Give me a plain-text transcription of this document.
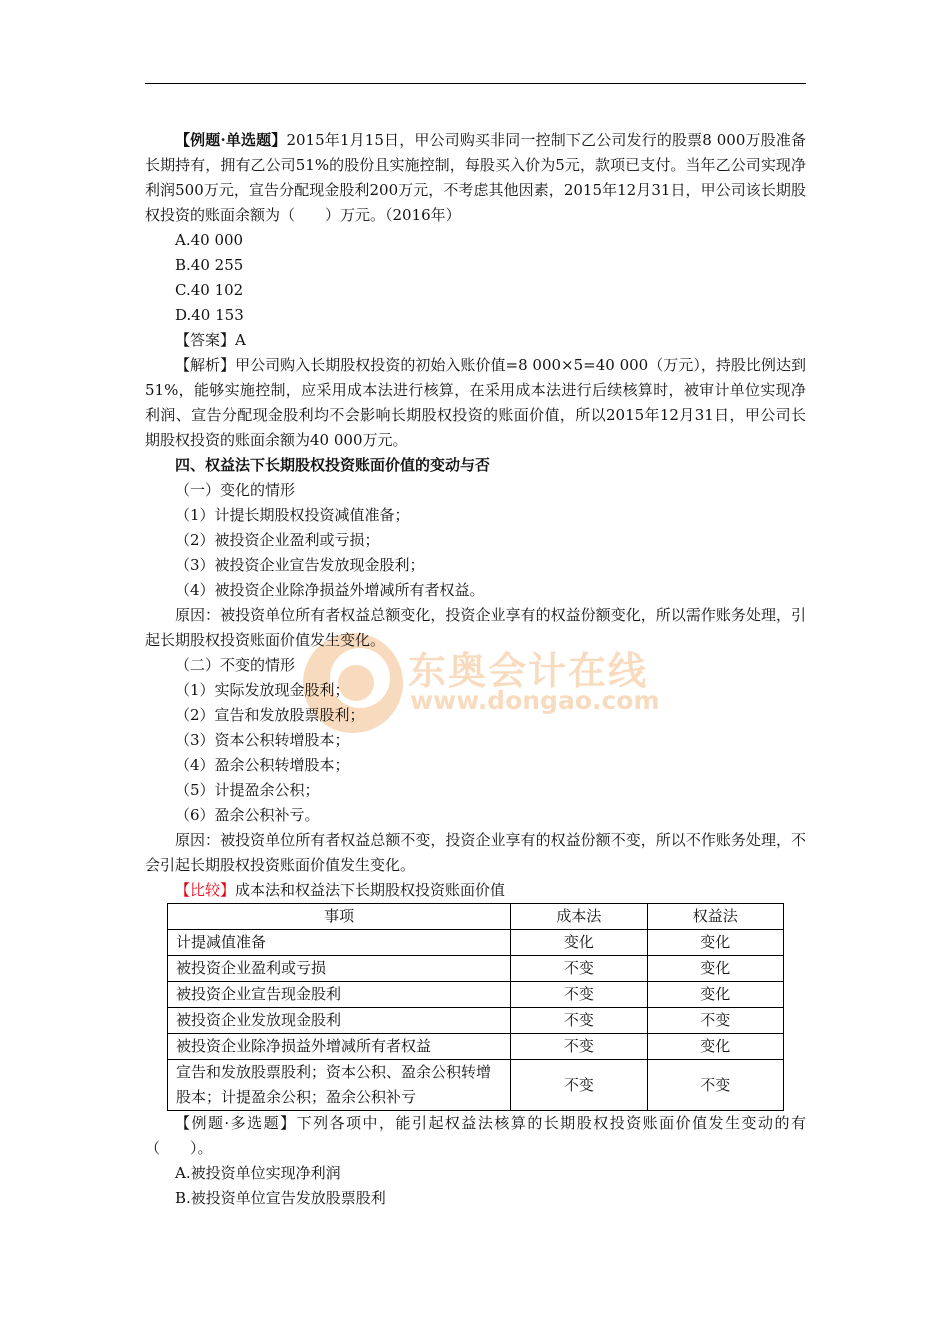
东奥会计在线
www.dongao.com

【例题·单选题】2015年1月15日，甲公司购买非同一控制下乙公司发行的股票8 000万股准备长期持有，拥有乙公司51%的股份且实施控制，每股买入价为5元，款项已支付。当年乙公司实现净利润500万元，宣告分配现金股利200万元，不考虑其他因素，2015年12月31日，甲公司该长期股权投资的账面余额为（　　）万元。（2016年）

A.40 000

B.40 255

C.40 102

D.40 153

【答案】A

【解析】甲公司购入长期股权投资的初始入账价值=8 000×5=40 000（万元），持股比例达到51%，能够实施控制，应采用成本法进行核算，在采用成本法进行后续核算时，被审计单位实现净利润、宣告分配现金股利均不会影响长期股权投资的账面价值，所以2015年12月31日，甲公司长期股权投资的账面余额为40 000万元。

四、权益法下长期股权投资账面价值的变动与否

（一）变化的情形

（1）计提长期股权投资减值准备；

（2）被投资企业盈利或亏损；

（3）被投资企业宣告发放现金股利；

（4）被投资企业除净损益外增减所有者权益。

原因：被投资单位所有者权益总额变化，投资企业享有的权益份额变化，所以需作账务处理，引起长期股权投资账面价值发生变化。

（二）不变的情形

（1）实际发放现金股利；

（2）宣告和发放股票股利；

（3）资本公积转增股本；

（4）盈余公积转增股本；

（5）计提盈余公积；

（6）盈余公积补亏。

原因：被投资单位所有者权益总额不变，投资企业享有的权益份额不变，所以不作账务处理，不会引起长期股权投资账面价值发生变化。

【比较】成本法和权益法下长期股权投资账面价值

事项	成本法	权益法
计提减值准备	变化	变化
被投资企业盈利或亏损	不变	变化
被投资企业宣告现金股利	不变	变化
被投资企业发放现金股利	不变	不变
被投资企业除净损益外增减所有者权益	不变	变化
宣告和发放股票股利；资本公积、盈余公积转增股本；计提盈余公积；盈余公积补亏	不变	不变

【例题·多选题】下列各项中，能引起权益法核算的长期股权投资账面价值发生变动的有（　　）。

A.被投资单位实现净利润

B.被投资单位宣告发放股票股利
